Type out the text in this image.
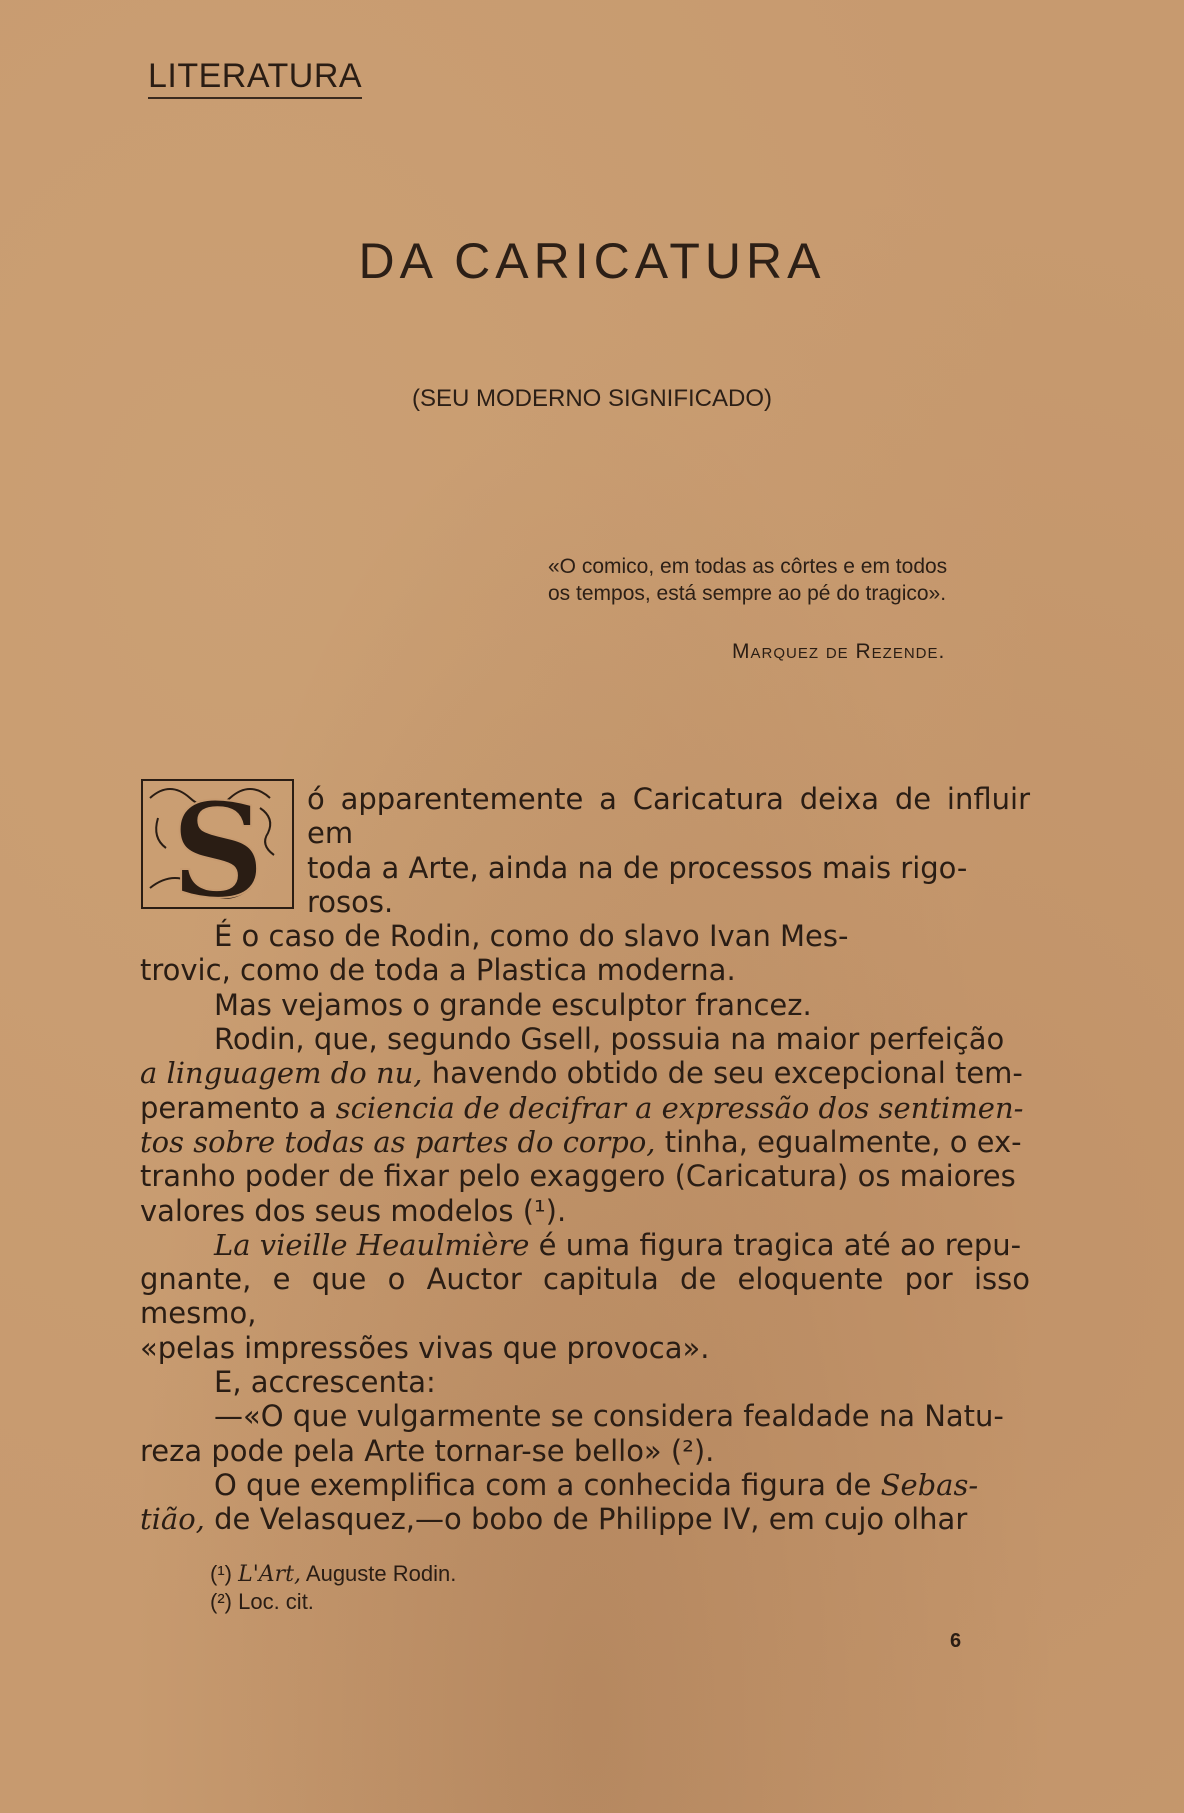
LITERATURA
DA CARICATURA
(SEU MODERNO SIGNIFICADO)
«O comico, em todas as côrtes e em todos
os tempos, está sempre ao pé do tragico».
Marquez de Rezende.

S	ó apparentemente a Caricatura deixa de influir em
toda a Arte, ainda na de processos mais rigo-
rosos.

É o caso de Rodin, como do slavo Ivan Mes-

trovic, como de toda a Plastica moderna.

Mas vejamos o grande esculptor francez.

Rodin, que, segundo Gsell, possuia na maior perfeição

a linguagem do nu, havendo obtido de seu excepcional tem-

peramento a sciencia de decifrar a expressão dos sentimen-

tos sobre todas as partes do corpo, tinha, egualmente, o ex-

tranho poder de fixar pelo exaggero (Caricatura) os maiores

valores dos seus modelos (¹).

La vieille Heaulmière é uma figura tragica até ao repu-

gnante, e que o Auctor capitula de eloquente por isso mesmo,

«pelas impressões vivas que provoca».

E, accrescenta:

—«O que vulgarmente se considera fealdade na Natu-

reza pode pela Arte tornar-se bello» (²).

O que exemplifica com a conhecida figura de Sebas-

tião, de Velasquez,—o bobo de Philippe IV, em cujo olhar

(¹) L'Art, Auguste Rodin.
(²) Loc. cit.
6
